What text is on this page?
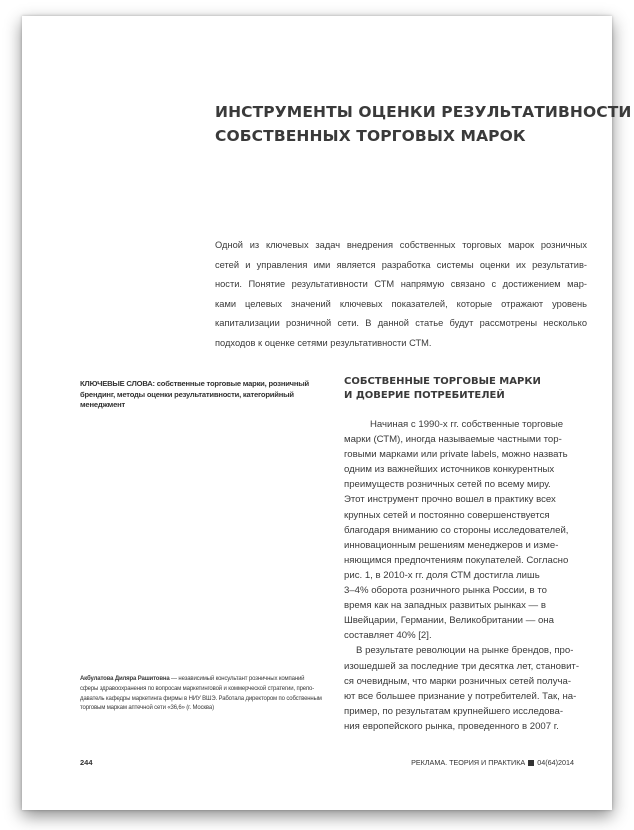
ИНСТРУМЕНТЫ ОЦЕНКИ РЕЗУЛЬТАТИВНОСТИ
СОБСТВЕННЫХ ТОРГОВЫХ МАРОК
Одной из ключевых задач внедрения собственных торговых марок розничных
сетей и управления ими является разработка системы оценки их результатив-
ности. Понятие результативности СТМ напрямую связано с достижением мар-
ками целевых значений ключевых показателей, которые отражают уровень
капитализации розничной сети. В данной статье будут рассмотрены несколько
подходов к оценке сетями результативности СТМ.
КЛЮЧЕВЫЕ СЛОВА: собственные торговые марки, розничный
брендинг, методы оценки результативности, категорийный
менеджмент
СОБСТВЕННЫЕ ТОРГОВЫЕ МАРКИ
И ДОВЕРИЕ ПОТРЕБИТЕЛЕЙ
Начиная с 1990-х гг. собственные торговые
марки (СТМ), иногда называемые частными тор-
говыми марками или private labels, можно назвать
одним из важнейших источников конкурентных
преимуществ розничных сетей по всему миру.
Этот инструмент прочно вошел в практику всех
крупных сетей и постоянно совершенствуется
благодаря вниманию со стороны исследователей,
инновационным решениям менеджеров и изме-
няющимся предпочтениям покупателей. Согласно
рис. 1, в 2010-х гг. доля СТМ достигла лишь
3–4% оборота розничного рынка России, в то
время как на западных развитых рынках — в
Швейцарии, Германии, Великобритании — она
составляет 40% [2].
В результате революции на рынке брендов, про-
изошедшей за последние три десятка лет, становит-
ся очевидным, что марки розничных сетей получа-
ют все большее признание у потребителей. Так, на-
пример, по результатам крупнейшего исследова-
ния европейского рынка, проведенного в 2007 г.
Акбулатова Диляра Рашитовна — независимый консультант розничных компаний
сферы здравоохранения по вопросам маркетинговой и коммерческой стратегии, препо-
даватель кафедры маркетинга фирмы в НИУ ВШЭ. Работала директором по собственным
торговым маркам аптечной сети «36,6» (г. Москва)
244	РЕКЛАМА. ТЕОРИЯ И ПРАКТИКА 04(64)2014
